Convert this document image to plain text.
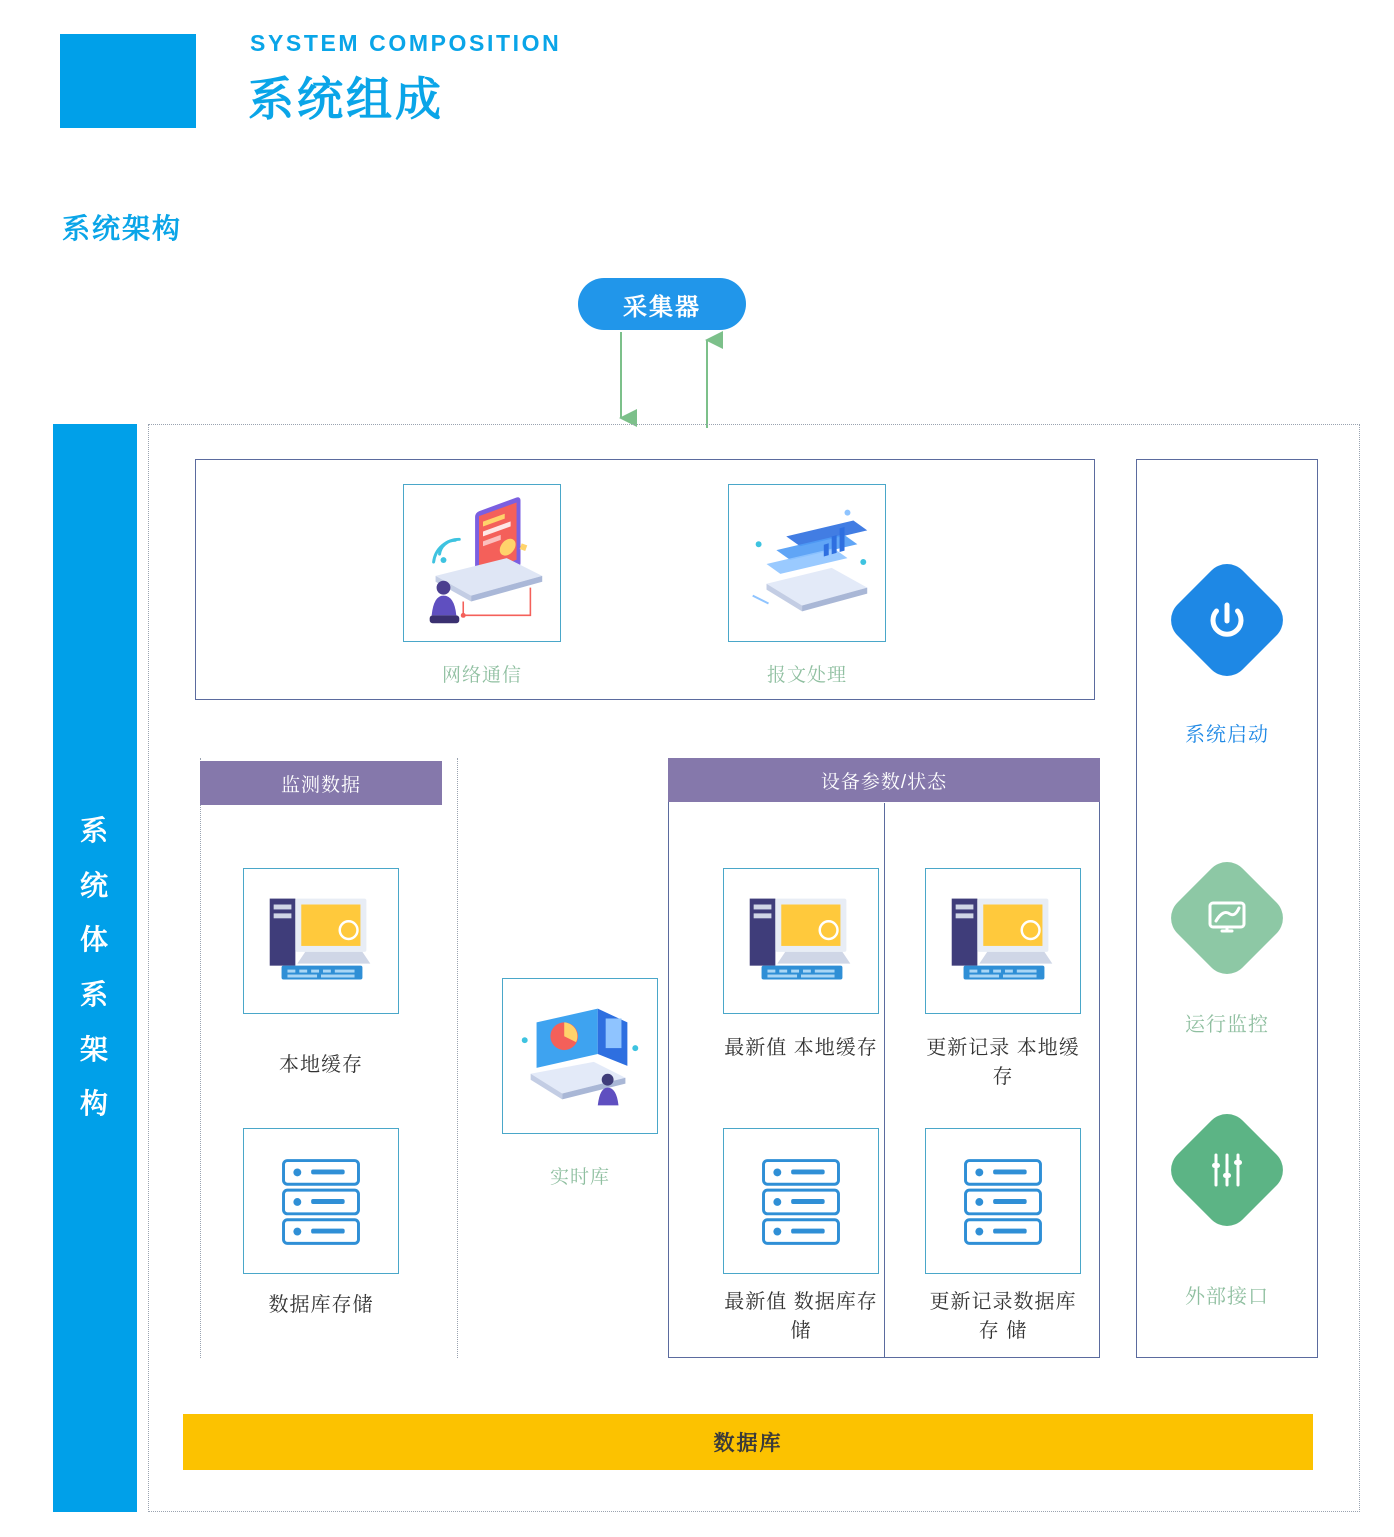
SYSTEM COMPOSITION
系统组成
系统架构
采集器
系
统
体
系
架
构
网络通信	报文处理
监测数据
本地缓存
数据库存储
实时库
设备参数/状态
最新值 本地缓存
最新值 数据库存储
更新记录 本地缓存
更新记录数据库存 储
系统启动
运行监控
外部接口
数据库
